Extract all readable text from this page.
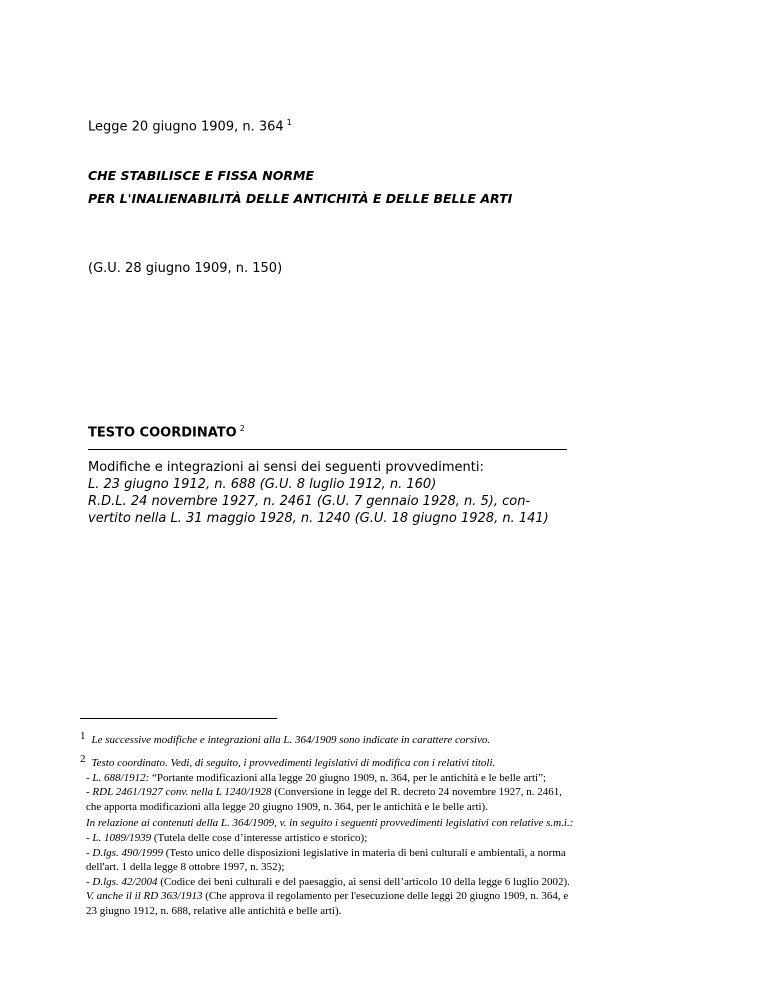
Legge 20 giugno 1909, n. 364 $^1$
CHE STABILISCE E FISSA NORME
PER L'INALIENABILITÀ DELLE ANTICHITÀ E DELLE BELLE ARTI
(G.U. 28 giugno 1909, n. 150)
TESTO COORDINATO $^2$
Modifiche e integrazioni ai sensi dei seguenti provvedimenti:
L. 23 giugno 1912, n. 688 (G.U. 8 luglio 1912, n. 160)
R.D.L. 24 novembre 1927, n. 2461 (G.U. 7 gennaio 1928, n. 5), con-
vertito nella L. 31 maggio 1928, n. 1240 (G.U. 18 giugno 1928, n. 141)
1 Le successive modifiche e integrazioni alla L. 364/1909 sono indicate in carattere corsivo.
2 Testo coordinato. Vedi, di seguito, i provvedimenti legislativi di modifica con i relativi titoli.
- L. 688/1912: “Portante modificazioni alla legge 20 giugno 1909, n. 364, per le antichità e le belle arti”;
- RDL 2461/1927 conv. nella L 1240/1928 (Conversione in legge del R. decreto 24 novembre 1927, n. 2461,
che apporta modificazioni alla legge 20 giugno 1909, n. 364, per le antichità e le belle arti).
In relazione ai contenuti della L. 364/1909, v. in seguito i seguenti provvedimenti legislativi con relative s.m.i.:
- L. 1089/1939 (Tutela delle cose d’interesse artistico e storico);
- D.lgs. 490/1999 (Testo unico delle disposizioni legislative in materia di beni culturali e ambientali, a norma
dell'art. 1 della legge 8 ottobre 1997, n. 352);
- D.lgs. 42/2004 (Codice dei beni culturali e del paesaggio, ai sensi dell’articolo 10 della legge 6 luglio 2002).
V. anche il il RD 363/1913 (Che approva il regolamento per l'esecuzione delle leggi 20 giugno 1909, n. 364, e
23 giugno 1912, n. 688, relative alle antichità e belle arti).
